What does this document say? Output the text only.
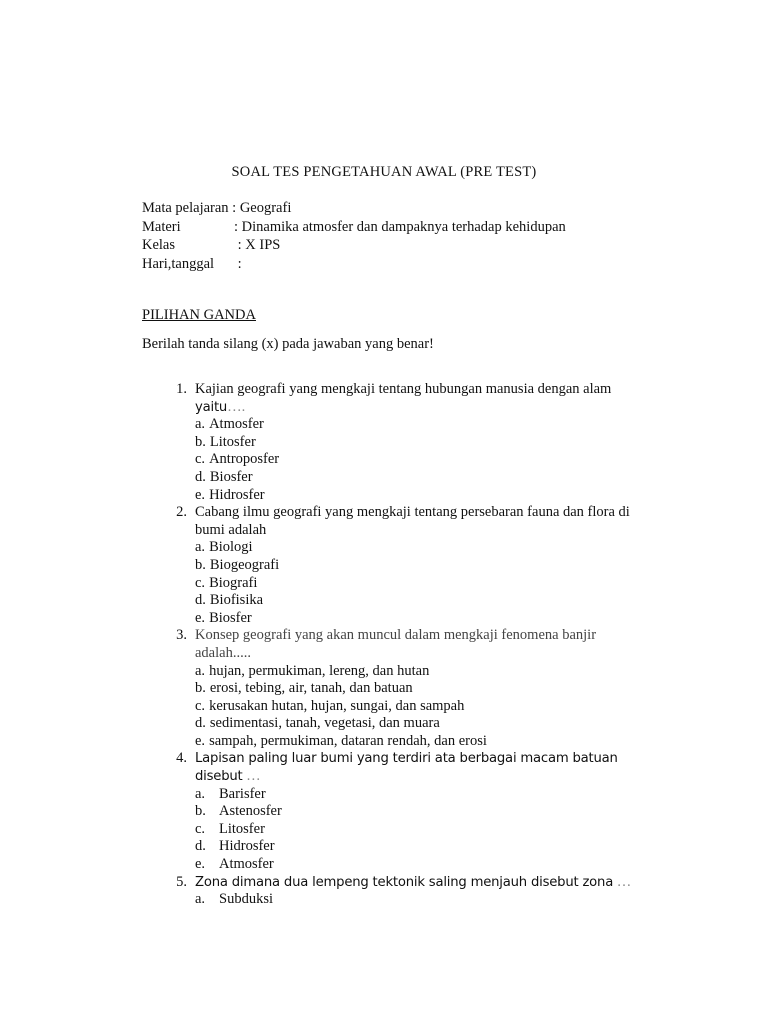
SOAL TES PENGETAHUAN AWAL (PRE TEST)
Mata pelajaran : Geografi
Materi	: Dinamika atmosfer dan dampaknya terhadap kehidupan
Kelas	: X IPS
Hari,tanggal	:
PILIHAN GANDA
Berilah tanda silang (x) pada jawaban yang benar!
1. Kajian geografi yang mengkaji tentang hubungan manusia dengan alam
yaitu….
a. Atmosfer
b. Litosfer
c. Antroposfer
d. Biosfer
e. Hidrosfer
2. Cabang ilmu geografi yang mengkaji tentang persebaran fauna dan flora di
bumi adalah
a. Biologi
b. Biogeografi
c. Biografi
d. Biofisika
e. Biosfer
3. Konsep geografi yang akan muncul dalam mengkaji fenomena banjir
adalah.....
a. hujan, permukiman, lereng, dan hutan
b. erosi, tebing, air, tanah, dan batuan
c. kerusakan hutan, hujan, sungai, dan sampah
d. sedimentasi, tanah, vegetasi, dan muara
e. sampah, permukiman, dataran rendah, dan erosi
4. Lapisan paling luar bumi yang terdiri ata berbagai macam batuan disebut …
a. Barisfer
b. Astenosfer
c. Litosfer
d. Hidrosfer
e. Atmosfer
5. Zona dimana dua lempeng tektonik saling menjauh disebut zona …
a. Subduksi
